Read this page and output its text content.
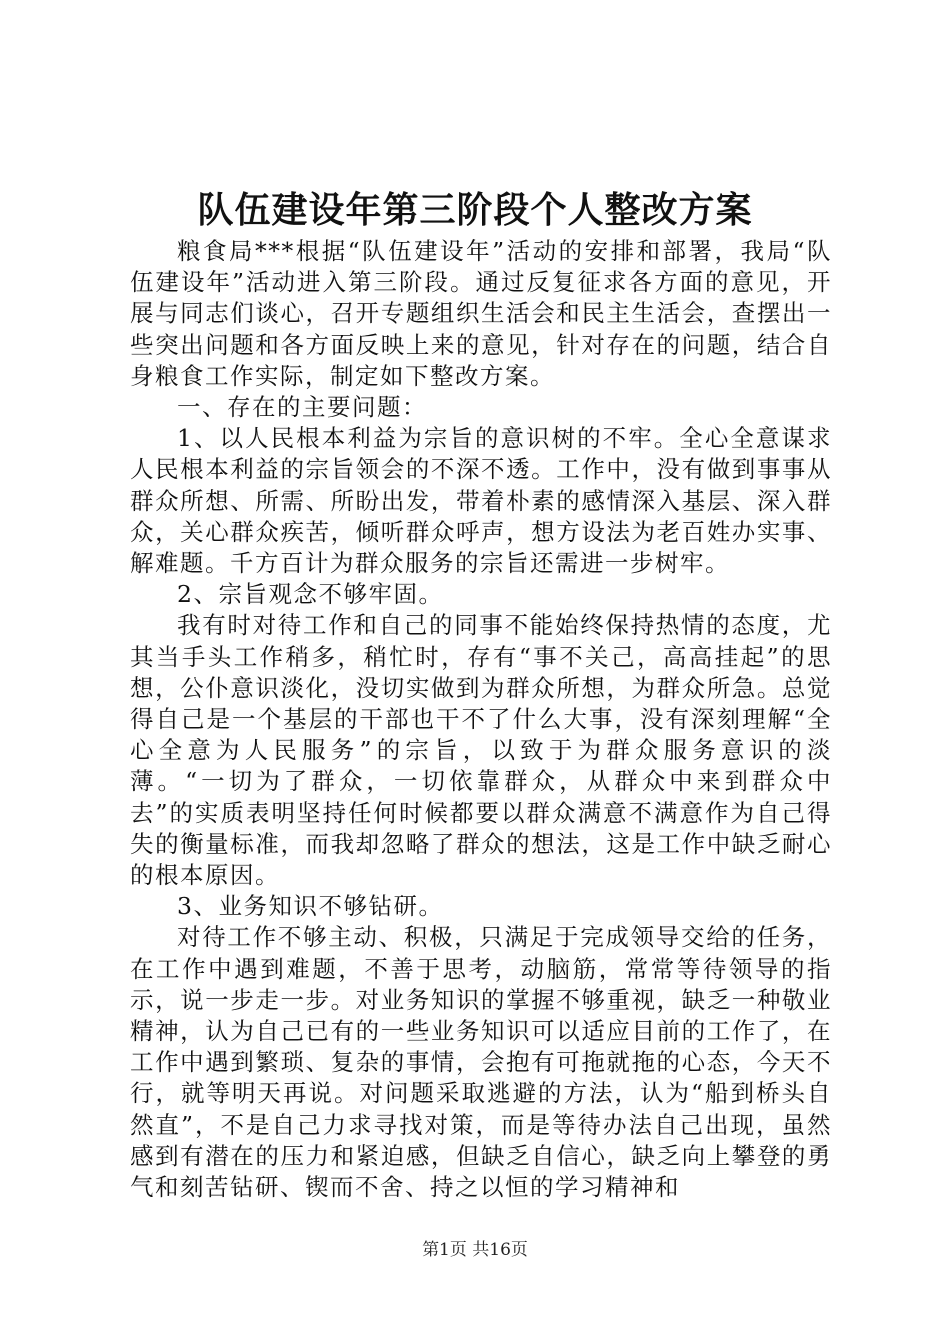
队伍建设年第三阶段个人整改方案

粮食局***根据“队伍建设年”活动的安排和部署，我局“队伍建设年”活动进入第三阶段。通过反复征求各方面的意见，开展与同志们谈心，召开专题组织生活会和民主生活会，查摆出一些突出问题和各方面反映上来的意见，针对存在的问题，结合自身粮食工作实际，制定如下整改方案。

一、存在的主要问题：

1、以人民根本利益为宗旨的意识树的不牢。全心全意谋求人民根本利益的宗旨领会的不深不透。工作中，没有做到事事从群众所想、所需、所盼出发，带着朴素的感情深入基层、深入群众，关心群众疾苦，倾听群众呼声，想方设法为老百姓办实事、解难题。千方百计为群众服务的宗旨还需进一步树牢。

2、宗旨观念不够牢固。

我有时对待工作和自己的同事不能始终保持热情的态度，尤其当手头工作稍多，稍忙时，存有“事不关己，高高挂起”的思想，公仆意识淡化，没切实做到为群众所想，为群众所急。总觉得自己是一个基层的干部也干不了什么大事，没有深刻理解“全心全意为人民服务”的宗旨，以致于为群众服务意识的淡薄。“一切为了群众，一切依靠群众，从群众中来到群众中去”的实质表明坚持任何时候都要以群众满意不满意作为自己得失的衡量标准，而我却忽略了群众的想法，这是工作中缺乏耐心的根本原因。

3、业务知识不够钻研。

对待工作不够主动、积极，只满足于完成领导交给的任务，在工作中遇到难题，不善于思考，动脑筋，常常等待领导的指示，说一步走一步。对业务知识的掌握不够重视，缺乏一种敬业精神，认为自己已有的一些业务知识可以适应目前的工作了，在工作中遇到繁琐、复杂的事情，会抱有可拖就拖的心态，今天不行，就等明天再说。对问题采取逃避的方法，认为“船到桥头自然直”，不是自己力求寻找对策，而是等待办法自己出现，虽然感到有潜在的压力和紧迫感，但缺乏自信心，缺乏向上攀登的勇气和刻苦钻研、锲而不舍、持之以恒的学习精神和

第1页 共16页
